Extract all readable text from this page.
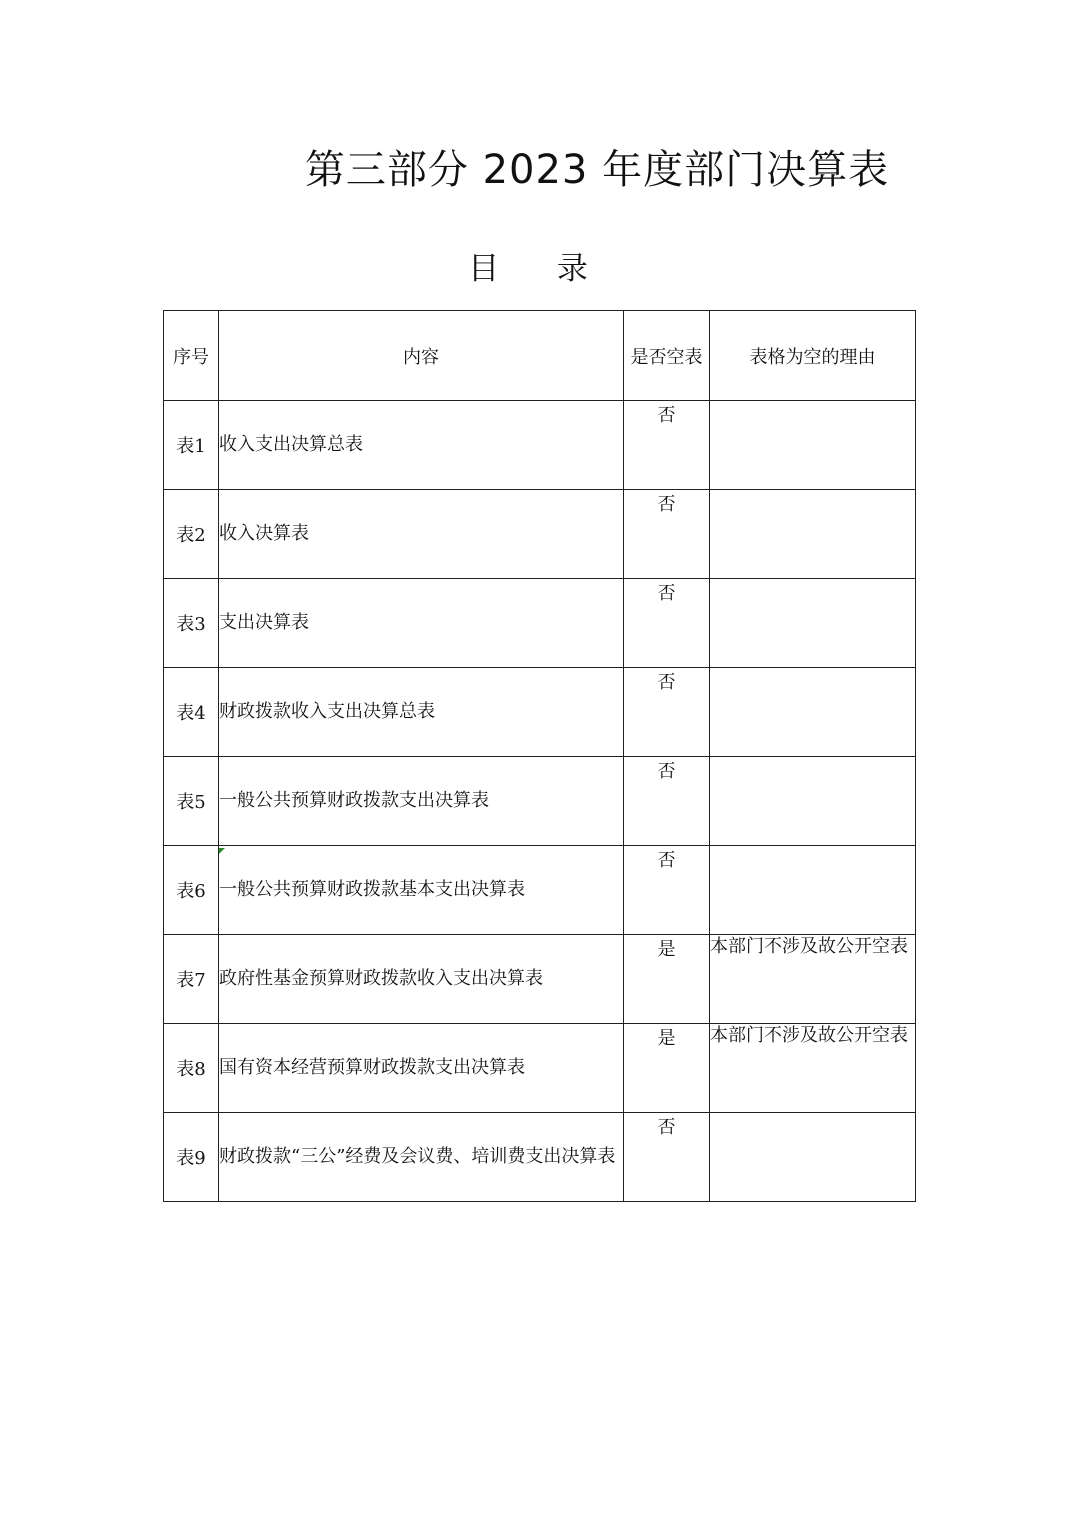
第三部分 2023 年度部门决算表
目 录
序号	内容	是否空表	表格为空的理由
表1	收入支出决算总表	否	
表2	收入决算表	否	
表3	支出决算表	否	
表4	财政拨款收入支出决算总表	否	
表5	一般公共预算财政拨款支出决算表	否	
表6	一般公共预算财政拨款基本支出决算表	否	
表7	政府性基金预算财政拨款收入支出决算表	是	本部门不涉及故公开空表
表8	国有资本经营预算财政拨款支出决算表	是	本部门不涉及故公开空表
表9	财政拨款“三公”经费及会议费、培训费支出决算表	否	
